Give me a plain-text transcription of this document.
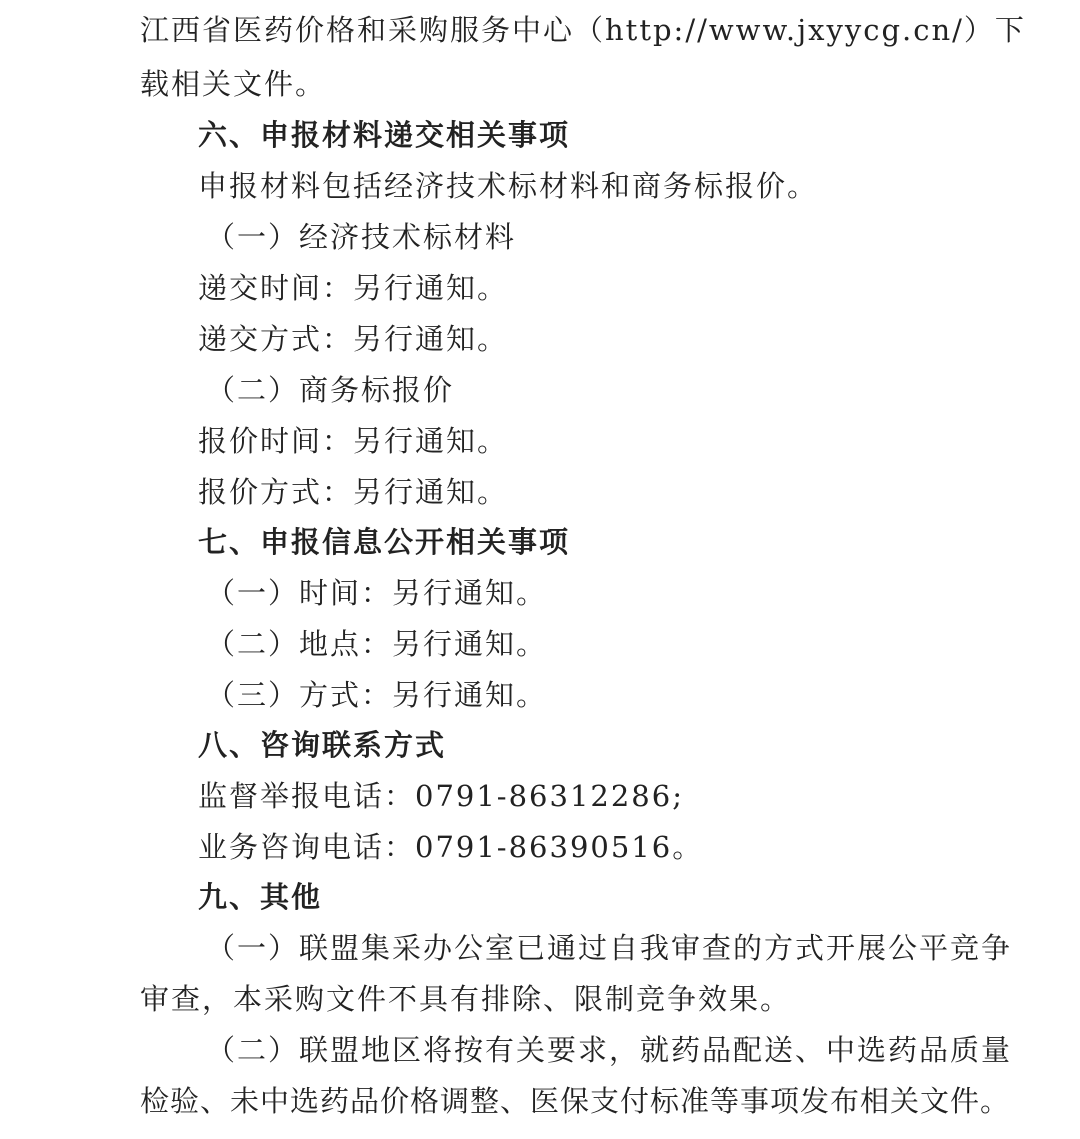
江西省医药价格和采购服务中心（http://www.jxyycg.cn/）下
载相关文件。
六、申报材料递交相关事项
申报材料包括经济技术标材料和商务标报价。
（一）经济技术标材料
递交时间：另行通知。
递交方式：另行通知。
（二）商务标报价
报价时间：另行通知。
报价方式：另行通知。
七、申报信息公开相关事项
（一）时间：另行通知。
（二）地点：另行通知。
（三）方式：另行通知。
八、咨询联系方式
监督举报电话：0791-86312286;
业务咨询电话：0791-86390516。
九、其他
（一）联盟集采办公室已通过自我审查的方式开展公平竞争
审查，本采购文件不具有排除、限制竞争效果。
（二）联盟地区将按有关要求，就药品配送、中选药品质量
检验、未中选药品价格调整、医保支付标准等事项发布相关文件。
